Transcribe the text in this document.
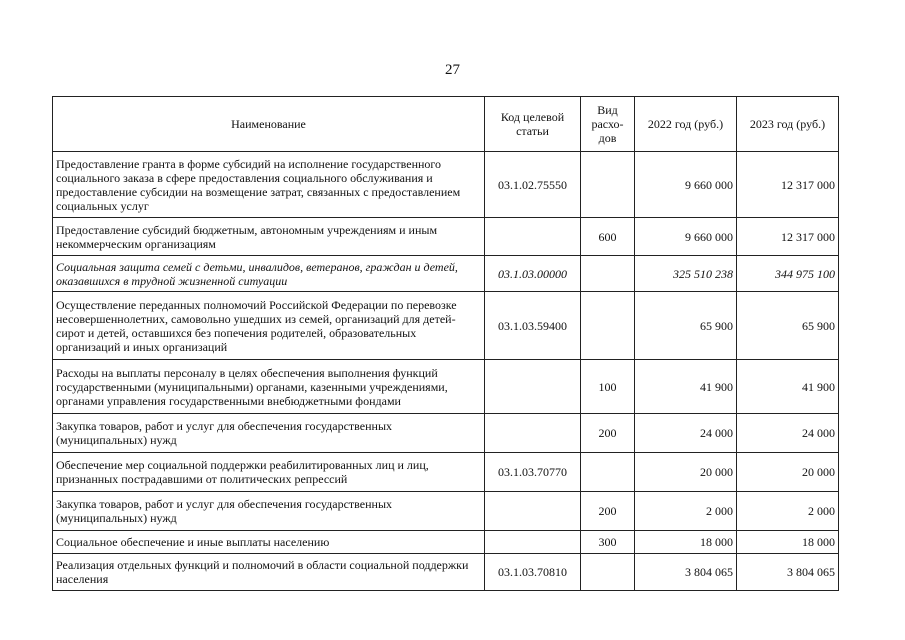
27
Наименование	Код целевой статьи	Вид расхо-дов	2022 год (руб.)	2023 год (руб.)
Предоставление гранта в форме субсидий на исполнение государственного социального заказа в сфере предоставления социального обслуживания и предоставление субсидии на возмещение затрат, связанных с предоставлением социальных услуг	03.1.02.75550		9 660 000	12 317 000
Предоставление субсидий бюджетным, автономным учреждениям и иным некоммерческим организациям		600	9 660 000	12 317 000
Социальная защита семей с детьми, инвалидов, ветеранов, граждан и детей, оказавшихся в трудной жизненной ситуации	03.1.03.00000		325 510 238	344 975 100
Осуществление переданных полномочий Российской Федерации по перевозке несовершеннолетних, самовольно ушедших из семей, организаций для детей-сирот и детей, оставшихся без попечения родителей, образовательных организаций и иных организаций	03.1.03.59400		65 900	65 900
Расходы на выплаты персоналу в целях обеспечения выполнения функций государственными (муниципальными) органами, казенными учреждениями, органами управления государственными внебюджетными фондами		100	41 900	41 900
Закупка товаров, работ и услуг для обеспечения государственных (муниципальных) нужд		200	24 000	24 000
Обеспечение мер социальной поддержки реабилитированных лиц и лиц, признанных пострадавшими от политических репрессий	03.1.03.70770		20 000	20 000
Закупка товаров, работ и услуг для обеспечения государственных (муниципальных) нужд		200	2 000	2 000
Социальное обеспечение и иные выплаты населению		300	18 000	18 000
Реализация отдельных функций и полномочий в области социальной поддержки населения	03.1.03.70810		3 804 065	3 804 065
